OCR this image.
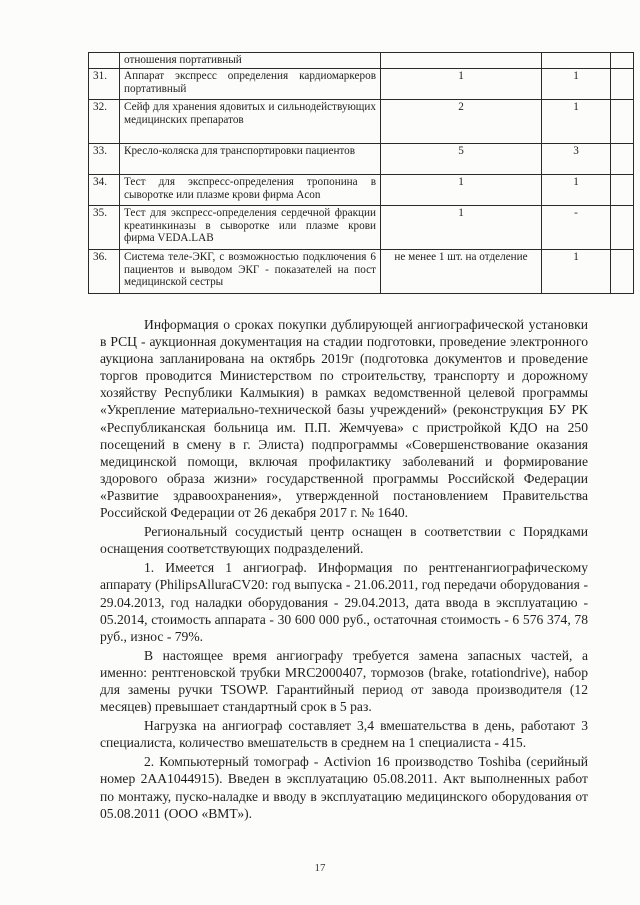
	отношения портативный			
31.	Аппарат экспресс определения кардиомаркеров портативный	1	1	
32.	Сейф для хранения ядовитых и сильнодействующих медицинских препаратов	2	1	
33.	Кресло-коляска для транспортировки пациентов	5	3	
34.	Тест для экспресс-определения тропонина в сыворотке или плазме крови фирма Acon	1	1	
35.	Тест для экспресс-определения сердечной фракции креатинкиназы в сыворотке или плазме крови фирма VEDA.LAB	1	-	
36.	Система теле-ЭКГ, с возможностью подключения 6 пациентов и выводом ЭКГ - показателей на пост медицинской сестры	не менее 1 шт. на отделение	1	

Информация о сроках покупки дублирующей ангиографической установки в РСЦ - аукционная документация на стадии подготовки, проведение электронного аукциона запланирована на октябрь 2019г (подготовка документов и проведение торгов проводится Министерством по строительству, транспорту и дорожному хозяйству Республики Калмыкия) в рамках ведомственной целевой программы «Укрепление материально-технической базы учреждений» (реконструкция БУ РК «Республиканская больница им. П.П. Жемчуева» с пристройкой КДО на 250 посещений в смену в г. Элиста) подпрограммы «Совершенствование оказания медицинской помощи, включая профилактику заболеваний и формирование здорового образа жизни» государственной программы Российской Федерации «Развитие здравоохранения», утвержденной постановлением Правительства Российской Федерации от 26 декабря 2017 г. № 1640.

Региональный сосудистый центр оснащен в соответствии с Порядками оснащения соответствующих подразделений.

1. Имеется 1 ангиограф. Информация по рентгенангиографическому аппарату (PhilipsAlluraCV20: год выпуска - 21.06.2011, год передачи оборудования - 29.04.2013, год наладки оборудования - 29.04.2013, дата ввода в эксплуатацию - 05.2014, стоимость аппарата - 30 600 000 руб., остаточная стоимость - 6 576 374, 78 руб., износ - 79%.

В настоящее время ангиографу требуется замена запасных частей, а именно: рентгеновской трубки MRC2000407, тормозов (brake, rotationdrive), набор для замены ручки TSOWP. Гарантийный период от завода производителя (12 месяцев) превышает стандартный срок в 5 раз.

Нагрузка на ангиограф составляет 3,4 вмешательства в день, работают 3 специалиста, количество вмешательств в среднем на 1 специалиста - 415.

2. Компьютерный томограф - Activion 16 производство Toshiba (серийный номер 2AA1044915). Введен в эксплуатацию 05.08.2011. Акт выполненных работ по монтажу, пуско-наладке и вводу в эксплуатацию медицинского оборудования от 05.08.2011 (ООО «ВМТ»).

17
